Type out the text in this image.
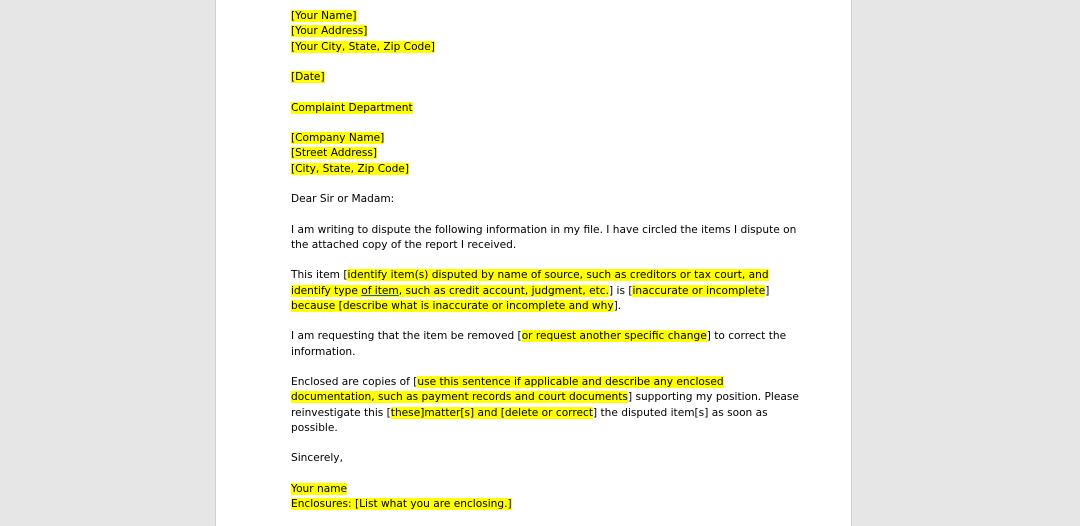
[Your Name]
[Your Address]
[Your City, State, Zip Code]
[Date]
Complaint Department
[Company Name]
[Street Address]
[City, State, Zip Code]
Dear Sir or Madam:
I am writing to dispute the following information in my file. I have circled the items I dispute on
the attached copy of the report I received.
This item [identify item(s) disputed by name of source, such as creditors or tax court, and
identify type of item, such as credit account, judgment, etc.] is [inaccurate or incomplete]
because [describe what is inaccurate or incomplete and why].
I am requesting that the item be removed [or request another specific change] to correct the
information.
Enclosed are copies of [use this sentence if applicable and describe any enclosed
documentation, such as payment records and court documents] supporting my position. Please
reinvestigate this [these]matter[s] and [delete or correct] the disputed item[s] as soon as
possible.
Sincerely,
Your name
Enclosures: [List what you are enclosing.]
